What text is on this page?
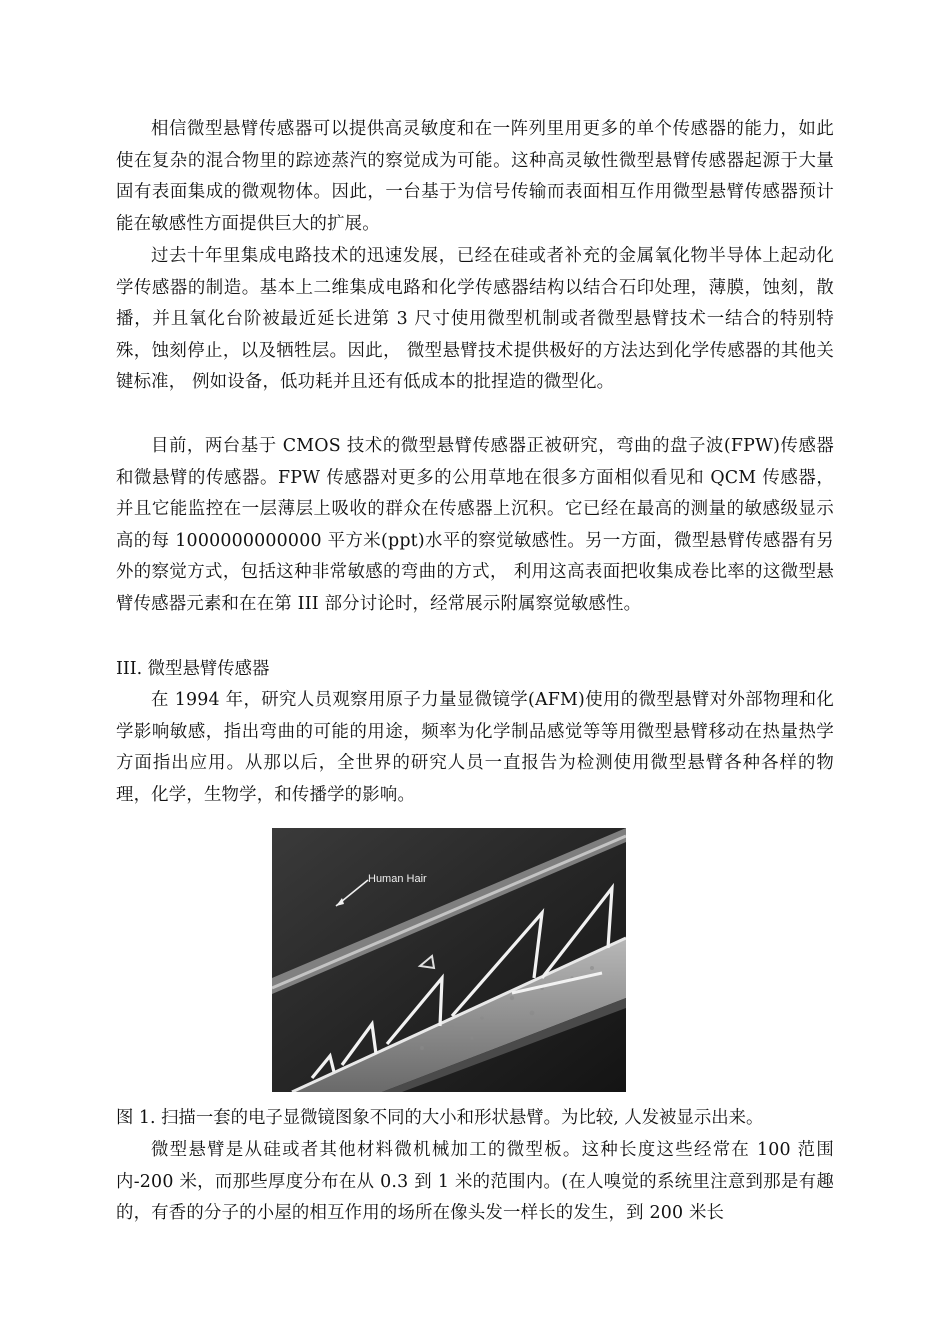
相信微型悬臂传感器可以提供高灵敏度和在一阵列里用更多的单个传感器的能力，如此使在复杂的混合物里的踪迹蒸汽的察觉成为可能。这种高灵敏性微型悬臂传感器起源于大量固有表面集成的微观物体。因此，一台基于为信号传输而表面相互作用微型悬臂传感器预计能在敏感性方面提供巨大的扩展。

过去十年里集成电路技术的迅速发展，已经在硅或者补充的金属氧化物半导体上起动化学传感器的制造。基本上二维集成电路和化学传感器结构以结合石印处理，薄膜，蚀刻，散播，并且氧化台阶被最近延长进第 3 尺寸使用微型机制或者微型悬臂技术一结合的特别特殊，蚀刻停止，以及牺牲层。因此， 微型悬臂技术提供极好的方法达到化学传感器的其他关键标准， 例如设备，低功耗并且还有低成本的批捏造的微型化。

目前，两台基于 CMOS 技术的微型悬臂传感器正被研究，弯曲的盘子波(FPW)传感器和微悬臂的传感器。FPW 传感器对更多的公用草地在很多方面相似看见和 QCM 传感器， 并且它能监控在一层薄层上吸收的群众在传感器上沉积。它已经在最高的测量的敏感级显示高的每 1000000000000 平方米(ppt)水平的察觉敏感性。另一方面，微型悬臂传感器有另外的察觉方式，包括这种非常敏感的弯曲的方式， 利用这高表面把收集成卷比率的这微型悬臂传感器元素和在在第 III 部分讨论时，经常展示附属察觉敏感性。

III. 微型悬臂传感器

在 1994 年，研究人员观察用原子力量显微镜学(AFM)使用的微型悬臂对外部物理和化学影响敏感，指出弯曲的可能的用途，频率为化学制品感觉等等用微型悬臂移动在热量热学方面指出应用。从那以后，全世界的研究人员一直报告为检测使用微型悬臂各种各样的物理，化学，生物学，和传播学的影响。

Human Hair

图 1. 扫描一套的电子显微镜图象不同的大小和形状悬臂。为比较, 人发被显示出来。

微型悬臂是从硅或者其他材料微机械加工的微型板。这种长度这些经常在 100 范围内-200 米，而那些厚度分布在从 0.3 到 1 米的范围内。(在人嗅觉的系统里注意到那是有趣的，有香的分子的小屋的相互作用的场所在像头发一样长的发生，到 200 米长
